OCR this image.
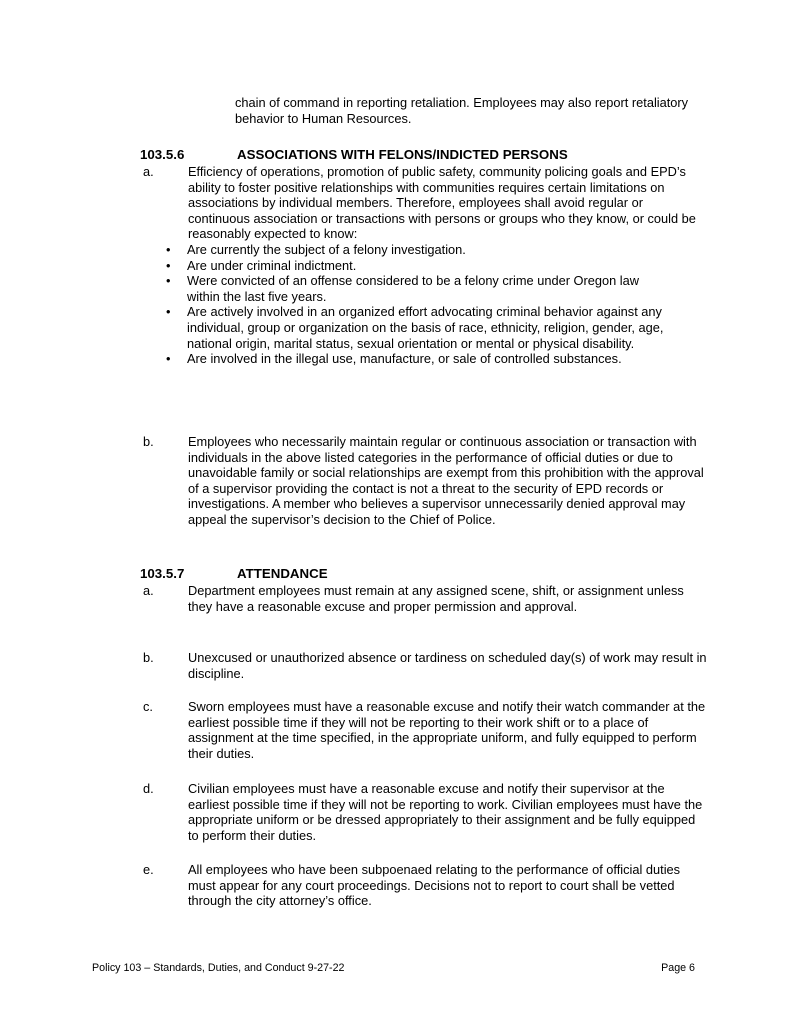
chain of command in reporting retaliation. Employees may also report retaliatory behavior to Human Resources.
103.5.6	ASSOCIATIONS WITH FELONS/INDICTED PERSONS
a.	Efficiency of operations, promotion of public safety, community policing goals and EPD’s ability to foster positive relationships with communities requires certain limitations on associations by individual members. Therefore, employees shall avoid regular or continuous association or transactions with persons or groups who they know, or could be reasonably expected to know:
• Are currently the subject of a felony investigation.
• Are under criminal indictment.
• Were convicted of an offense considered to be a felony crime under Oregon law within the last five years.
• Are actively involved in an organized effort advocating criminal behavior against any individual, group or organization on the basis of race, ethnicity, religion, gender, age, national origin, marital status, sexual orientation or mental or physical disability.
• Are involved in the illegal use, manufacture, or sale of controlled substances.
b.	Employees who necessarily maintain regular or continuous association or transaction with individuals in the above listed categories in the performance of official duties or due to unavoidable family or social relationships are exempt from this prohibition with the approval of a supervisor providing the contact is not a threat to the security of EPD records or investigations. A member who believes a supervisor unnecessarily denied approval may appeal the supervisor’s decision to the Chief of Police.
103.5.7	ATTENDANCE
a.	Department employees must remain at any assigned scene, shift, or assignment unless they have a reasonable excuse and proper permission and approval.
b.	Unexcused or unauthorized absence or tardiness on scheduled day(s) of work may result in discipline.
c.	Sworn employees must have a reasonable excuse and notify their watch commander at the earliest possible time if they will not be reporting to their work shift or to a place of assignment at the time specified, in the appropriate uniform, and fully equipped to perform their duties.
d.	Civilian employees must have a reasonable excuse and notify their supervisor at the earliest possible time if they will not be reporting to work. Civilian employees must have the appropriate uniform or be dressed appropriately to their assignment and be fully equipped to perform their duties.
e.	All employees who have been subpoenaed relating to the performance of official duties must appear for any court proceedings. Decisions not to report to court shall be vetted through the city attorney’s office.
Policy 103 – Standards, Duties, and Conduct 9-27-22	Page 6
